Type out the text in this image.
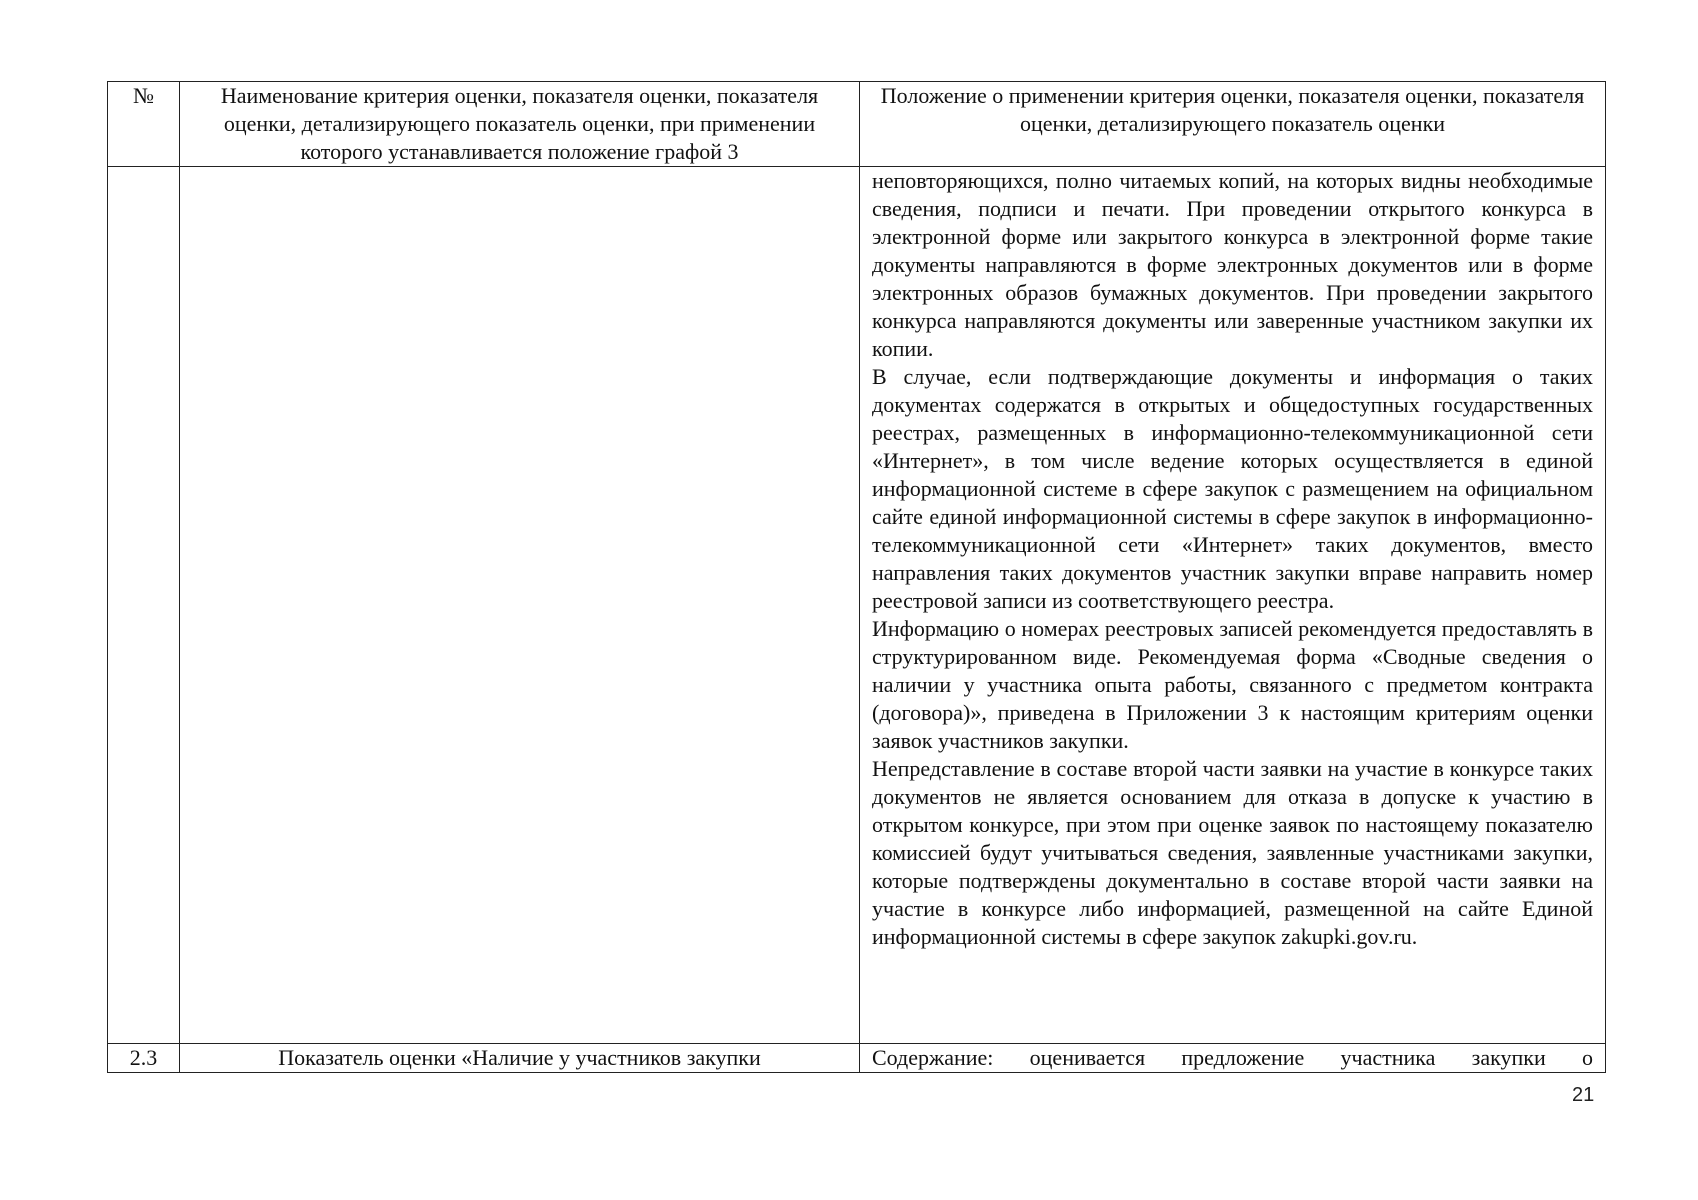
№	Наименование критерия оценки, показателя оценки, показателя оценки, детализирующего показатель оценки, при применении которого устанавливается положение графой 3	Положение о применении критерия оценки, показателя оценки, показателя оценки, детализирующего показатель оценки

		неповторяющихся, полно читаемых копий, на которых видны необходимые сведения, подписи и печати. При проведении открытого конкурса в электронной форме или закрытого конкурса в электронной форме такие документы направляются в форме электронных документов или в форме электронных образов бумажных документов. При проведении закрытого конкурса направляются документы или заверенные участником закупки их копии.

В случае, если подтверждающие документы и информация о таких документах содержатся в открытых и общедоступных государственных реестрах, размещенных в информационно-телекоммуникационной сети «Интернет», в том числе ведение которых осуществляется в единой информационной системе в сфере закупок с размещением на официальном сайте единой информационной системы в сфере закупок в информационно-телекоммуникационной сети «Интернет» таких документов, вместо направления таких документов участник закупки вправе направить номер реестровой записи из соответствующего реестра.

Информацию о номерах реестровых записей рекомендуется предоставлять в структурированном виде. Рекомендуемая форма «Сводные сведения о наличии у участника опыта работы, связанного с предметом контракта (договора)», приведена в Приложении 3 к настоящим критериям оценки заявок участников закупки.

Непредставление в составе второй части заявки на участие в конкурсе таких документов не является основанием для отказа в допуске к участию в открытом конкурсе, при этом при оценке заявок по настоящему показателю комиссией будут учитываться сведения, заявленные участниками закупки, которые подтверждены документально в составе второй части заявки на участие в конкурсе либо информацией, размещенной на сайте Единой информационной системы в сфере закупок zakupki.gov.ru.

2.3	Показатель оценки «Наличие у участников закупки	Содержание: оценивается предложение участника закупки о
21
